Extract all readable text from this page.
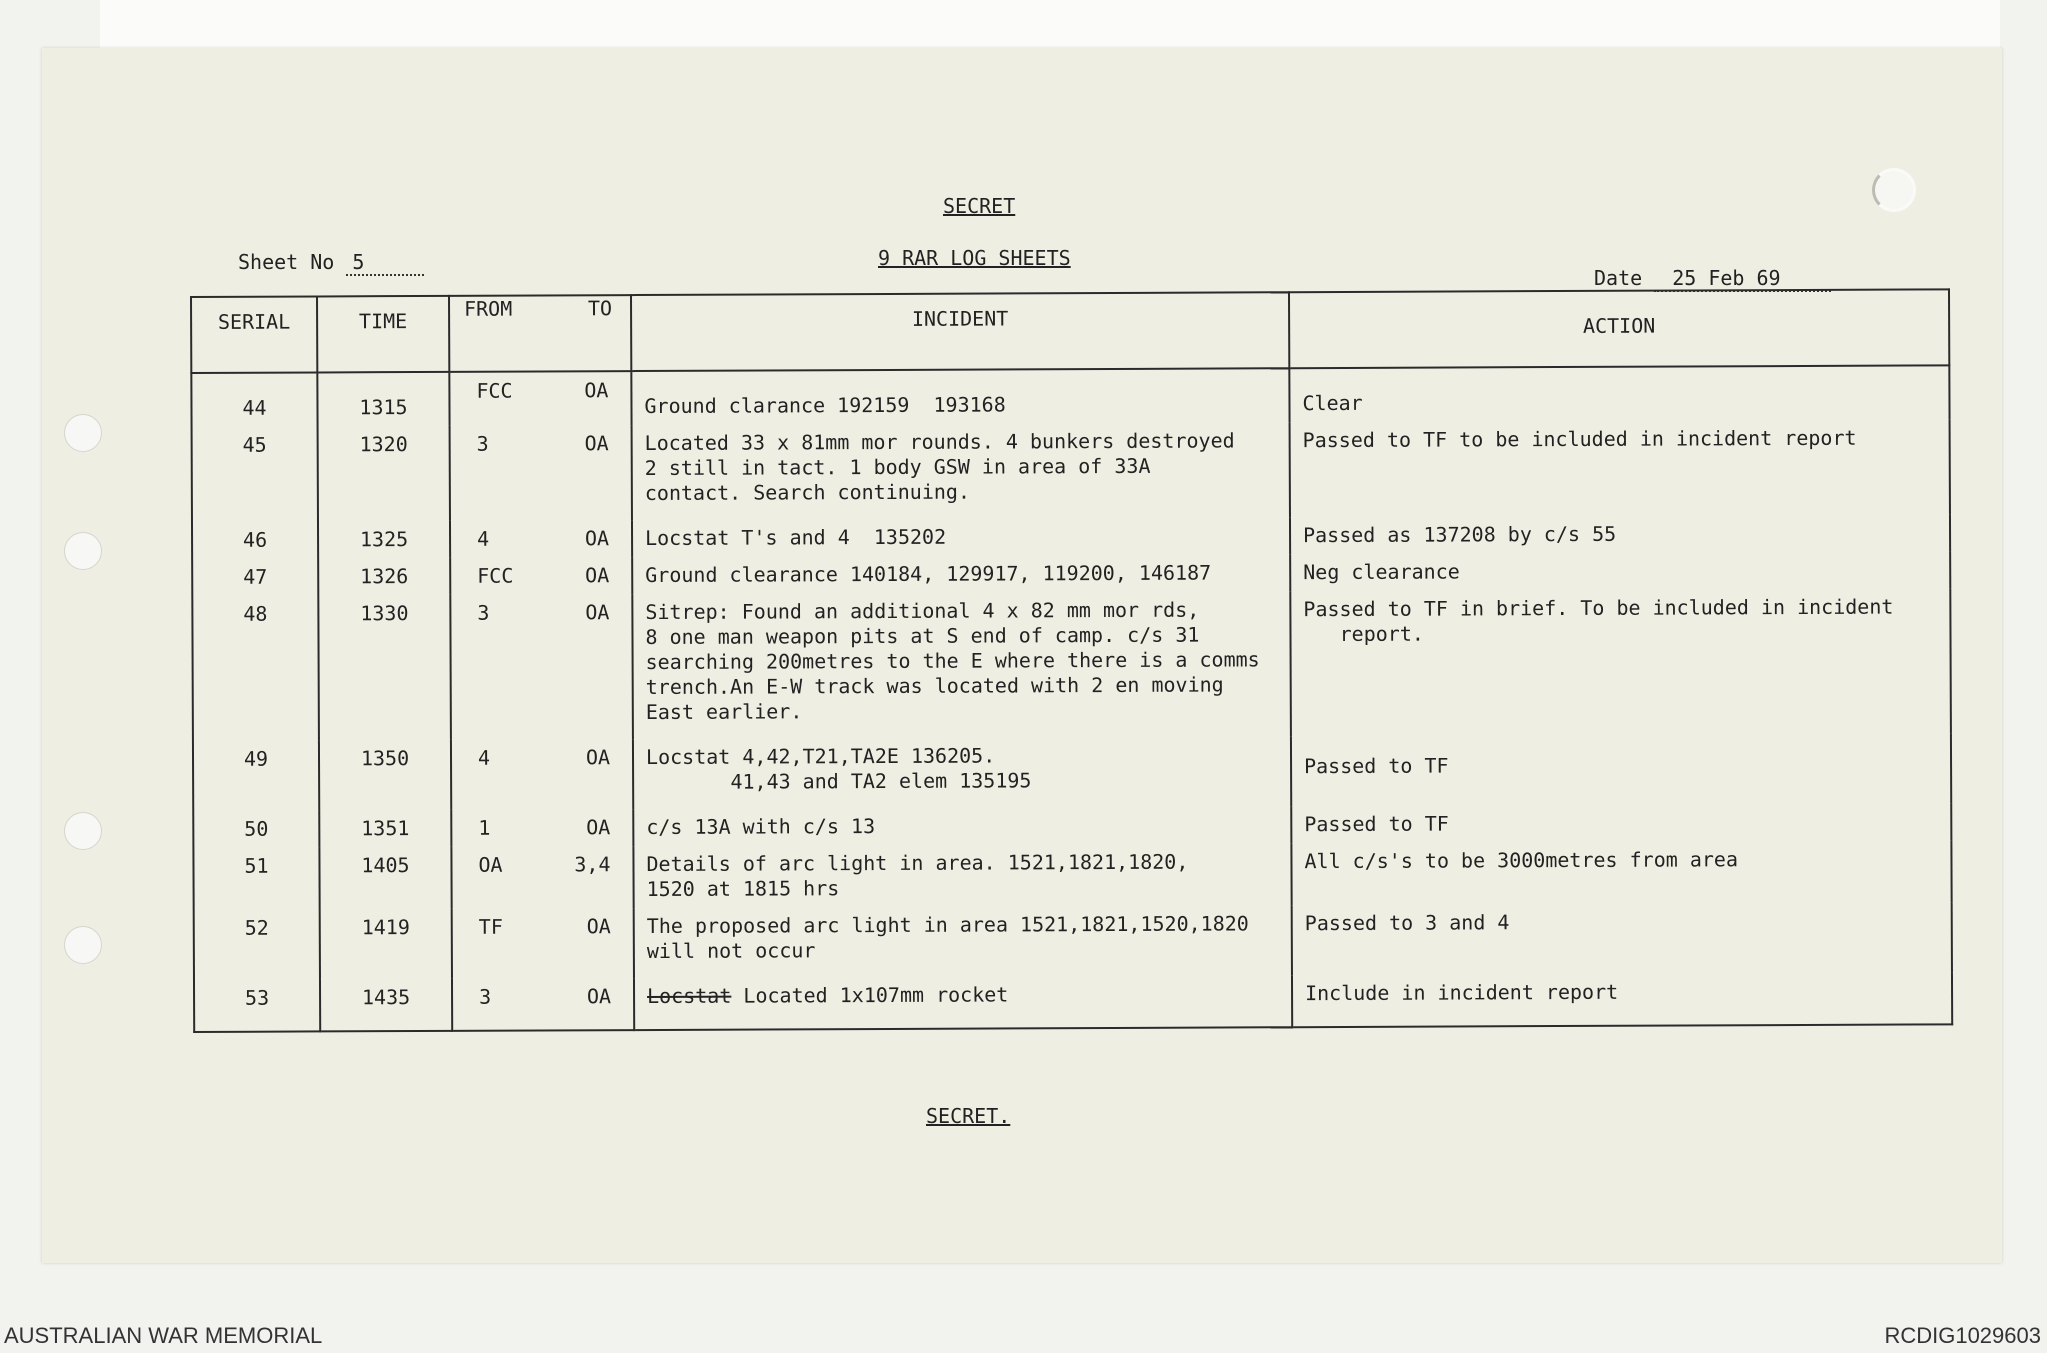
SECRET
9 RAR LOG SHEETS
Sheet No 5
Date 25 Feb 69
SERIAL	TIME	FROM TO	INCIDENT	ACTION
44	1315	FCC OA	Ground clarance 192159  193168	Clear
45	1320	3 OA	Located 33 x 81mm mor rounds. 4 bunkers destroyed
2 still in tact. 1 body GSW in area of 33A
contact. Search continuing.	Passed to TF to be included in incident report
46	1325	4 OA	Locstat T's and 4  135202	Passed as 137208 by c/s 55
47	1326	FCC OA	Ground clearance 140184, 129917, 119200, 146187	Neg clearance
48	1330	3 OA	Sitrep: Found an additional 4 x 82 mm mor rds,
8 one man weapon pits at S end of camp. c/s 31
searching 200metres to the E where there is a comms
trench.An E-W track was located with 2 en moving
East earlier.	Passed to TF in brief. To be included in incident
report.
49	1350	4 OA	Locstat 4,42,T21,TA2E 136205.
41,43 and TA2 elem 135195	Passed to TF
50	1351	1 OA	c/s 13A with c/s 13	Passed to TF
51	1405	OA 3,4	Details of arc light in area. 1521,1821,1820,
1520 at 1815 hrs	All c/s's to be 3000metres from area
52	1419	TF OA	The proposed arc light in area 1521,1821,1520,1820
will not occur	Passed to 3 and 4
53	1435	3 OA	Locstat Located 1x107mm rocket	Include in incident report
SECRET.
AUSTRALIAN WAR MEMORIAL	RCDIG1029603
